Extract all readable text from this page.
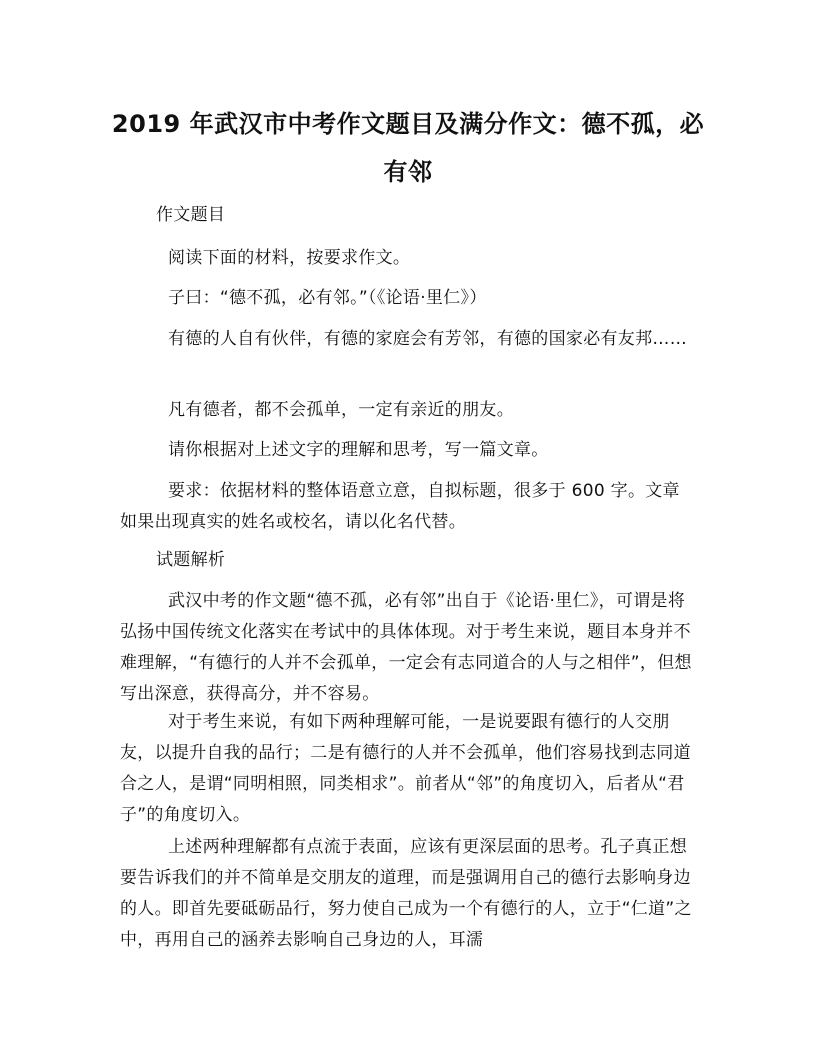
2019 年武汉市中考作文题目及满分作文：德不孤，必有邻

作文题目

阅读下面的材料，按要求作文。

子曰：“德不孤，必有邻。”（《论语·里仁》）

有德的人自有伙伴，有德的家庭会有芳邻，有德的国家必有友邦……

凡有德者，都不会孤单，一定有亲近的朋友。

请你根据对上述文字的理解和思考，写一篇文章。

要求：依据材料的整体语意立意，自拟标题，很多于 600 字。文章如果出现真实的姓名或校名，请以化名代替。

试题解析

武汉中考的作文题“德不孤，必有邻”出自于《论语·里仁》，可谓是将弘扬中国传统文化落实在考试中的具体体现。对于考生来说，题目本身并不难理解，“有德行的人并不会孤单，一定会有志同道合的人与之相伴”，但想写出深意，获得高分，并不容易。

对于考生来说，有如下两种理解可能，一是说要跟有德行的人交朋友，以提升自我的品行；二是有德行的人并不会孤单，他们容易找到志同道合之人，是谓“同明相照，同类相求”。前者从“邻”的角度切入，后者从“君子”的角度切入。

上述两种理解都有点流于表面，应该有更深层面的思考。孔子真正想要告诉我们的并不简单是交朋友的道理，而是强调用自己的德行去影响身边的人。即首先要砥砺品行，努力使自己成为一个有德行的人，立于“仁道”之中，再用自己的涵养去影响自己身边的人，耳濡
